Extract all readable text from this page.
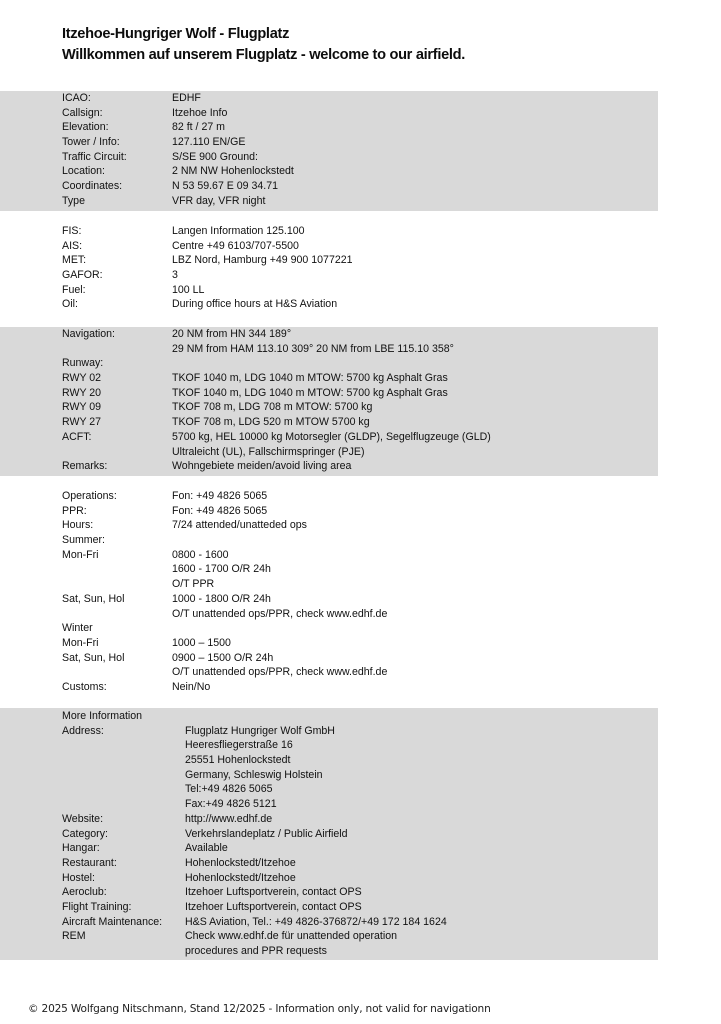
Itzehoe-Hungriger Wolf - Flugplatz
Willkommen auf unserem Flugplatz - welcome to our airfield.
ICAO:	EDHF
Callsign:	Itzehoe Info
Elevation:	82 ft / 27 m
Tower / Info:	127.110 EN/GE
Traffic Circuit:	S/SE 900 Ground:
Location:	2 NM NW Hohenlockstedt
Coordinates:	N 53 59.67 E 09 34.71
Type	VFR day, VFR night
FIS:	Langen Information 125.100
AIS:	Centre +49 6103/707-5500
MET:	LBZ Nord, Hamburg +49 900 1077221
GAFOR:	3
Fuel:	100 LL
Oil:	During office hours at H&S Aviation
Navigation:	20 NM from HN 344 189°
29 NM from HAM 113.10 309° 20 NM from LBE 115.10 358°
Runway:
RWY 02	TKOF 1040 m, LDG 1040 m MTOW: 5700 kg Asphalt Gras
RWY 20	TKOF 1040 m, LDG 1040 m MTOW: 5700 kg Asphalt Gras
RWY 09	TKOF 708 m, LDG 708 m MTOW: 5700 kg
RWY 27	TKOF 708 m, LDG 520 m MTOW 5700 kg
ACFT:	5700 kg, HEL 10000 kg Motorsegler (GLDP), Segelflugzeuge (GLD)
Ultraleicht (UL), Fallschirmspringer (PJE)
Remarks:	Wohngebiete meiden/avoid living area
Operations:	Fon: +49 4826 5065
PPR:	Fon: +49 4826 5065
Hours:	7/24 attended/unatteded ops
Summer:
Mon-Fri	0800 - 1600
1600 - 1700 O/R 24h
O/T PPR
Sat, Sun, Hol	1000 - 1800 O/R 24h
O/T unattended ops/PPR, check www.edhf.de
Winter
Mon-Fri	1000 – 1500
Sat, Sun, Hol	0900 – 1500 O/R 24h
O/T unattended ops/PPR, check www.edhf.de
Customs:	Nein/No
More Information
Address:	Flugplatz Hungriger Wolf GmbH
Heeresfliegerstraße 16
25551 Hohenlockstedt
Germany, Schleswig Holstein
Tel:+49 4826 5065
Fax:+49 4826 5121
Website:	http://www.edhf.de
Category:	Verkehrslandeplatz / Public Airfield
Hangar:	Available
Restaurant:	Hohenlockstedt/Itzehoe
Hostel:	Hohenlockstedt/Itzehoe
Aeroclub:	Itzehoer Luftsportverein, contact OPS
Flight Training:	Itzehoer Luftsportverein, contact OPS
Aircraft Maintenance: H&S Aviation, Tel.: +49 4826-376872/+49 172 184 1624
REM	Check www.edhf.de für unattended operation
procedures and PPR requests
© 2025 Wolfgang Nitschmann, Stand 12/2025 - Information only, not valid for navigationn
